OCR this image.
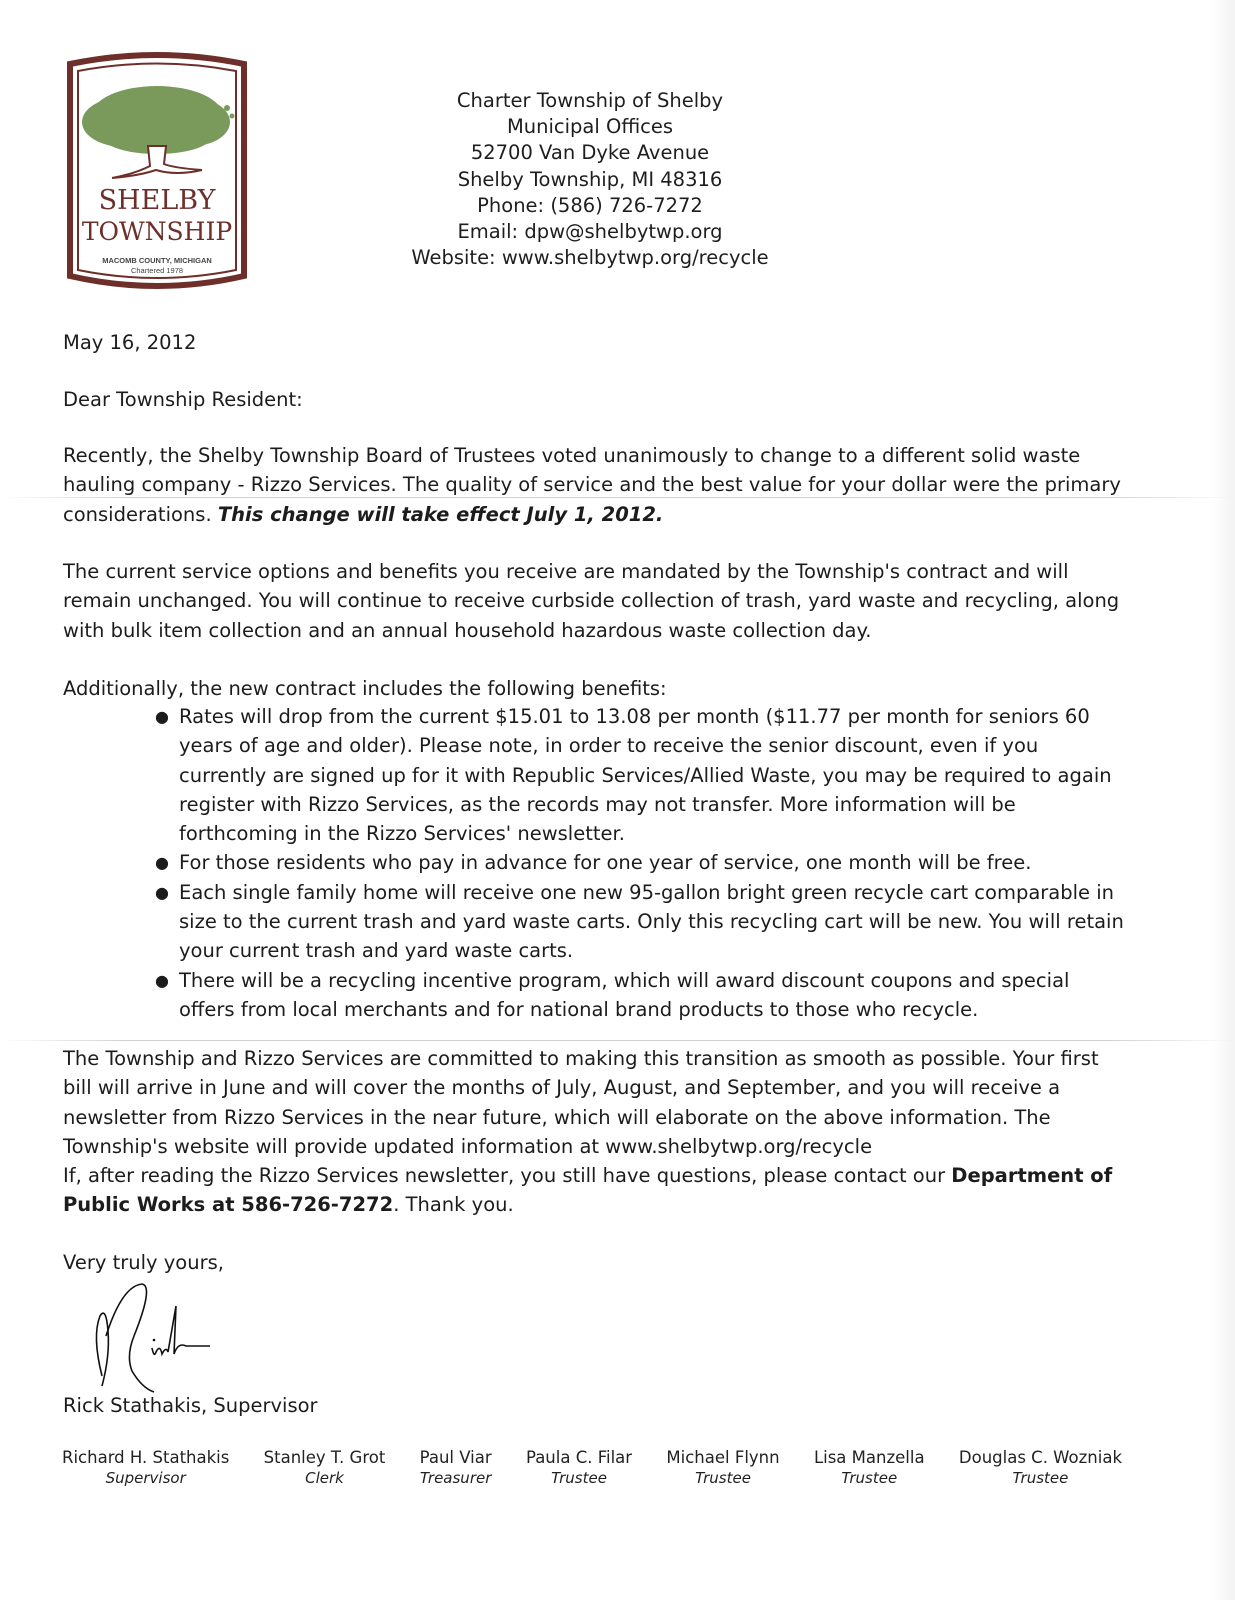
SHELBY
TOWNSHIP
MACOMB COUNTY, MICHIGAN
Chartered 1978
Charter Township of Shelby
Municipal Offices
52700 Van Dyke Avenue
Shelby Township, MI 48316
Phone: (586) 726-7272
Email: dpw@shelbytwp.org
Website: www.shelbytwp.org/recycle
May 16, 2012
Dear Township Resident:

Recently, the Shelby Township Board of Trustees voted unanimously to change to a different solid waste hauling company - Rizzo Services. The quality of service and the best value for your dollar were the primary considerations. This change will take effect July 1, 2012.

The current service options and benefits you receive are mandated by the Township's contract and will remain unchanged. You will continue to receive curbside collection of trash, yard waste and recycling, along with bulk item collection and an annual household hazardous waste collection day.

Additionally, the new contract includes the following benefits:

● Rates will drop from the current $15.01 to 13.08 per month ($11.77 per month for seniors 60 years of age and older). Please note, in order to receive the senior discount, even if you currently are signed up for it with Republic Services/Allied Waste, you may be required to again register with Rizzo Services, as the records may not transfer. More information will be forthcoming in the Rizzo Services' newsletter.
● For those residents who pay in advance for one year of service, one month will be free.
● Each single family home will receive one new 95-gallon bright green recycle cart comparable in size to the current trash and yard waste carts. Only this recycling cart will be new. You will retain your current trash and yard waste carts.
● There will be a recycling incentive program, which will award discount coupons and special offers from local merchants and for national brand products to those who recycle.

The Township and Rizzo Services are committed to making this transition as smooth as possible. Your first bill will arrive in June and will cover the months of July, August, and September, and you will receive a newsletter from Rizzo Services in the near future, which will elaborate on the above information. The Township's website will provide updated information at www.shelbytwp.org/recycle

If, after reading the Rizzo Services newsletter, you still have questions, please contact our Department of Public Works at 586-726-7272. Thank you.

Very truly yours,
Rick Stathakis, Supervisor
Richard H. Stathakis
Supervisor
Stanley T. Grot
Clerk
Paul Viar
Treasurer
Paula C. Filar
Trustee
Michael Flynn
Trustee
Lisa Manzella
Trustee
Douglas C. Wozniak
Trustee
